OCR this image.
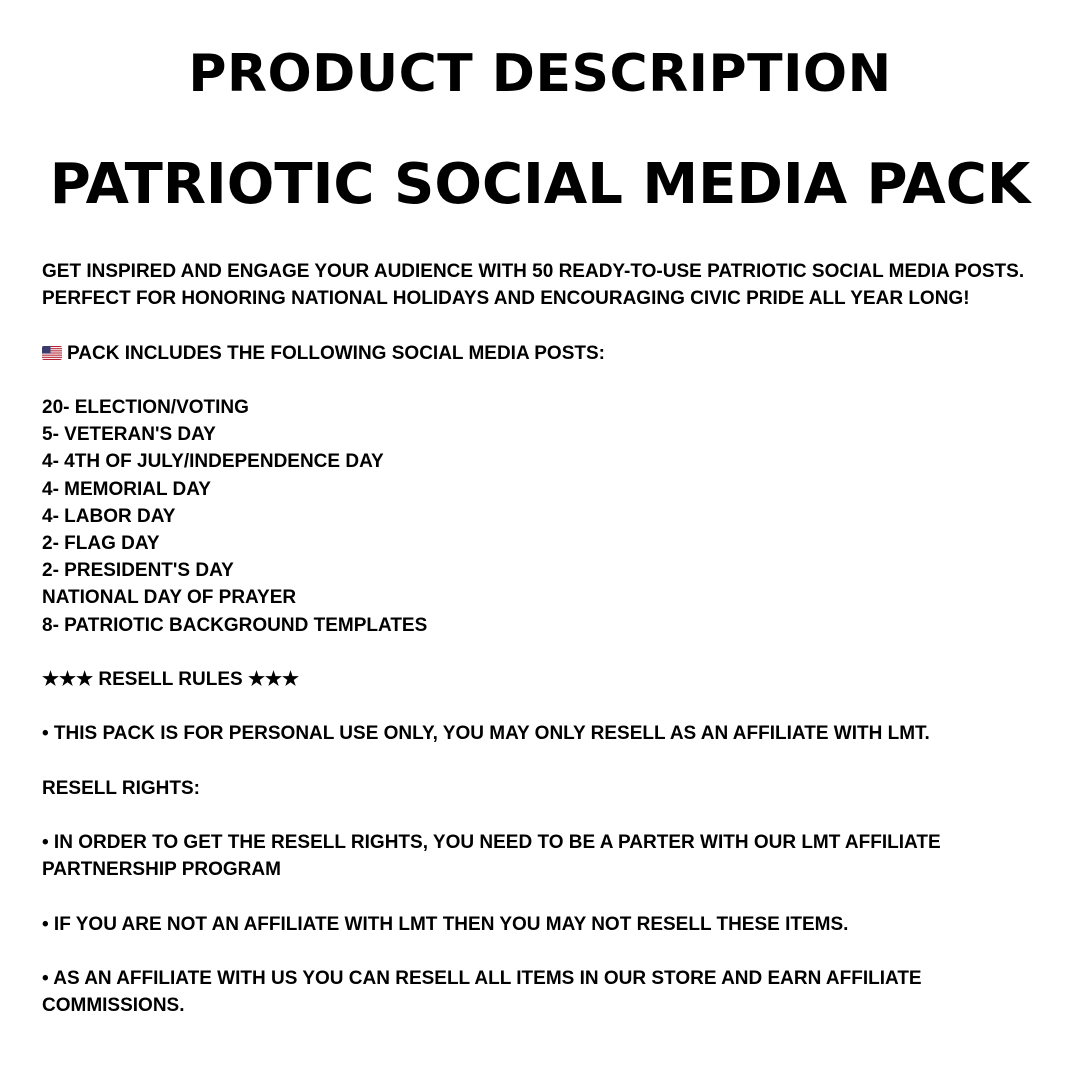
PRODUCT DESCRIPTION
PATRIOTIC SOCIAL MEDIA PACK

GET INSPIRED AND ENGAGE YOUR AUDIENCE WITH 50 READY-TO-USE PATRIOTIC SOCIAL MEDIA POSTS. PERFECT FOR HONORING NATIONAL HOLIDAYS AND ENCOURAGING CIVIC PRIDE ALL YEAR LONG!

PACK INCLUDES THE FOLLOWING SOCIAL MEDIA POSTS:

20- ELECTION/VOTING

5- VETERAN'S DAY

4- 4TH OF JULY/INDEPENDENCE DAY

4- MEMORIAL DAY

4- LABOR DAY

2- FLAG DAY

2- PRESIDENT'S DAY

NATIONAL DAY OF PRAYER

8- PATRIOTIC BACKGROUND TEMPLATES

★★★ RESELL RULES ★★★

• THIS PACK IS FOR PERSONAL USE ONLY, YOU MAY ONLY RESELL AS AN AFFILIATE WITH LMT.

RESELL RIGHTS:

• IN ORDER TO GET THE RESELL RIGHTS, YOU NEED TO BE A PARTER WITH OUR LMT AFFILIATE PARTNERSHIP PROGRAM

• IF YOU ARE NOT AN AFFILIATE WITH LMT THEN YOU MAY NOT RESELL THESE ITEMS.

• AS AN AFFILIATE WITH US YOU CAN RESELL ALL ITEMS IN OUR STORE AND EARN AFFILIATE COMMISSIONS.
